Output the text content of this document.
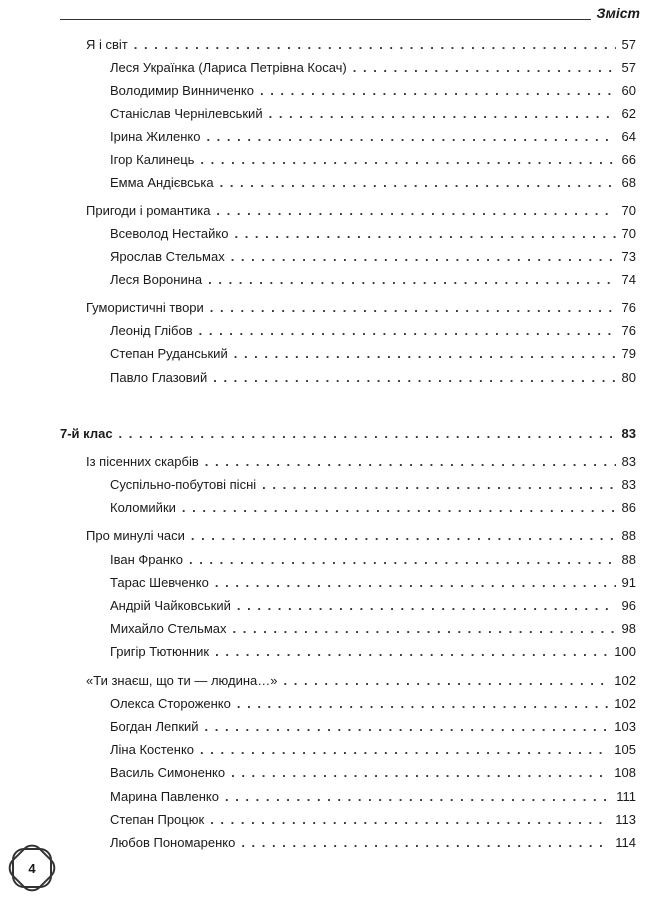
Зміст
Я і світ . . .	57
Леся Українка (Лариса Петрівна Косач) . . .	57
Володимир Винниченко . . .	60
Станіслав Чернілевський . . .	62
Ірина Жиленко . . .	64
Ігор Калинець . . .	66
Емма Андієвська . . .	68
Пригоди і романтика . . .	70
Всеволод Нестайко . . .	70
Ярослав Стельмах . . .	73
Леся Воронина . . .	74
Гумористичні твори . . .	76
Леонід Глібов . . .	76
Степан Руданський . . .	79
Павло Глазовий . . .	80
7-й клас . . .	83
Із пісенних скарбів . . .	83
Суспільно-побутові пісні . . .	83
Коломийки . . .	86
Про минулі часи . . .	88
Іван Франко . . .	88
Тарас Шевченко . . .	91
Андрій Чайковський . . .	96
Михайло Стельмах . . .	98
Григір Тютюнник . . .	100
«Ти знаєш, що ти — людина…» . . .	102
Олекса Стороженко . . .	102
Богдан Лепкий . . .	103
Ліна Костенко . . .	105
Василь Симоненко . . .	108
Марина Павленко . . .	111
Степан Процюк . . .	113
Любов Пономаренко . . .	114
4
